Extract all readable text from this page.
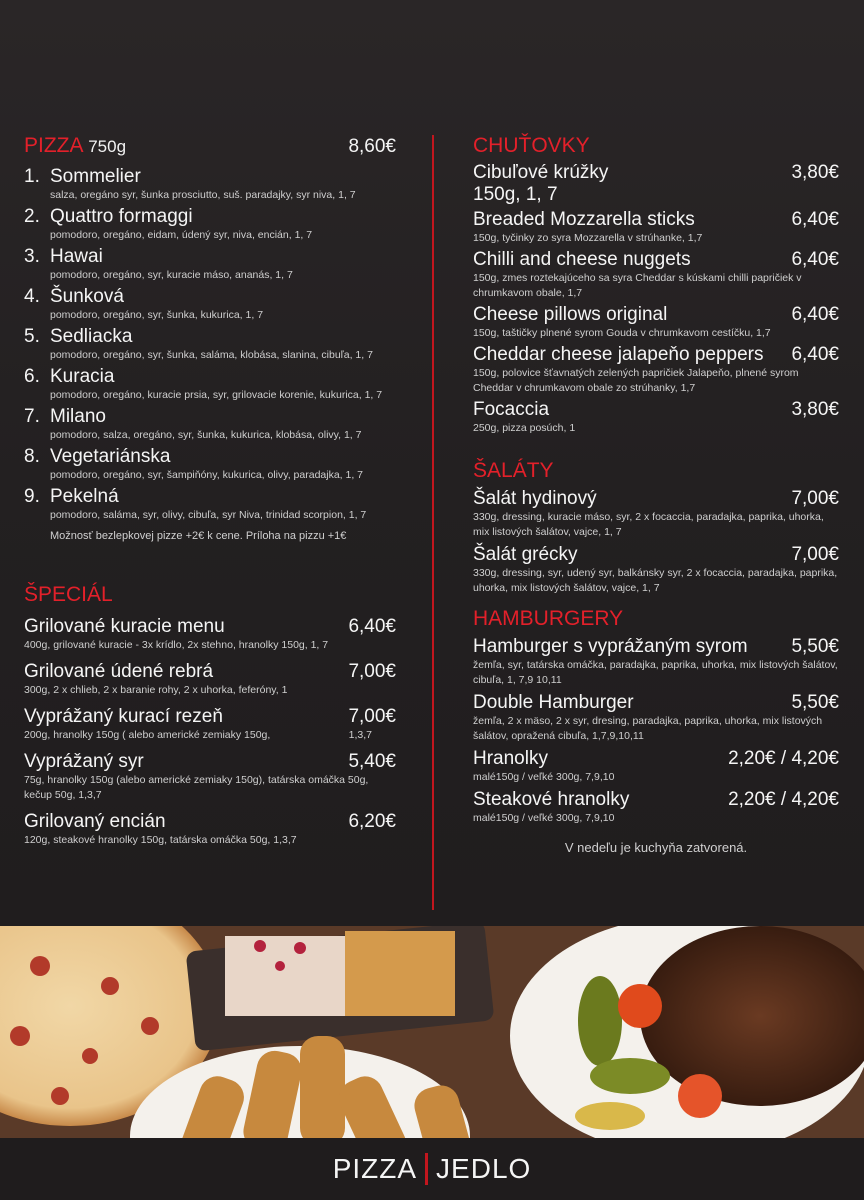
PIZZA 750g	8,60€
1. Sommelier
salza, oregáno syr, šunka prosciutto, suš. paradajky, syr niva, 1, 7
2. Quattro formaggi
pomodoro, oregáno, eidam, údený syr, niva, encián, 1, 7
3. Hawai
pomodoro, oregáno, syr, kuracie máso, ananás, 1, 7
4. Šunková
pomodoro, oregáno, syr, šunka, kukurica, 1, 7
5. Sedliacka
pomodoro, oregáno, syr, šunka, saláma, klobása, slanina, cibuľa, 1, 7
6. Kuracia
pomodoro, oregáno, kuracie prsia, syr, grilovacie korenie, kukurica, 1, 7
7. Milano
pomodoro, salza, oregáno, syr, šunka, kukurica, klobása, olivy, 1, 7
8. Vegetariánska
pomodoro, oregáno, syr, šampiňóny, kukurica, olivy, paradajka, 1, 7
9. Pekelná
pomodoro, saláma, syr, olivy, cibuľa, syr Niva, trinidad scorpion, 1, 7
Možnosť bezlepkovej pizze +2€ k cene. Príloha na pizzu +1€
ŠPECIÁL
Grilované kuracie menu	6,40€
400g, grilované kuracie - 3x krídlo, 2x stehno, hranolky 150g, 1, 7
Grilované údené rebrá	7,00€
300g, 2 x chlieb, 2 x baranie rohy, 2 x uhorka, feferóny, 1
Vyprážaný kurací rezeň	7,00€
200g, hranolky 150g ( alebo americké zemiaky 150g,	1,3,7
Vyprážaný syr	5,40€
75g, hranolky 150g (alebo americké zemiaky 150g), tatárska omáčka 50g, kečup 50g, 1,3,7
Grilovaný encián	6,20€
120g, steakové hranolky 150g, tatárska omáčka 50g, 1,3,7
CHUŤOVKY
Cibuľové krúžky	3,80€
150g, 1, 7
Breaded Mozzarella sticks	6,40€
150g, tyčinky zo syra Mozzarella v strúhanke, 1,7
Chilli and cheese nuggets	6,40€
150g, zmes roztekajúceho sa syra Cheddar s kúskami chilli papričiek v chrumkavom obale, 1,7
Cheese pillows original	6,40€
150g, taštičky plnené syrom Gouda v chrumkavom cestíčku, 1,7
Cheddar cheese jalapeňo peppers 6,40€
150g, polovice šťavnatých zelených papričiek Jalapeňo, plnené syrom Cheddar v chrumkavom obale zo strúhanky, 1,7
Focaccia	3,80€
250g, pizza posúch, 1
ŠALÁTY
Šalát hydinový	7,00€
330g, dressing, kuracie máso, syr, 2 x focaccia, paradajka, paprika, uhorka, mix listových šalátov, vajce, 1, 7
Šalát grécky	7,00€
330g, dressing, syr, udený syr, balkánsky syr, 2 x focaccia, paradajka, paprika, uhorka, mix listových šalátov, vajce, 1, 7
HAMBURGERY
Hamburger s vyprážaným syrom 5,50€
žemľa, syr, tatárska omáčka, paradajka, paprika, uhorka, mix listových šalátov, cibuľa, 1, 7,9 10,11
Double Hamburger	5,50€
žemľa, 2 x mäso, 2 x syr, dresing, paradajka, paprika, uhorka, mix listových šalátov, opražená cibuľa, 1,7,9,10,11
Hranolky	2,20€ / 4,20€
malé150g / veľké 300g, 7,9,10
Steakové hranolky	2,20€ / 4,20€
malé150g / veľké 300g, 7,9,10
V nedeľu je kuchyňa zatvorená.
PIZZA JEDLO
